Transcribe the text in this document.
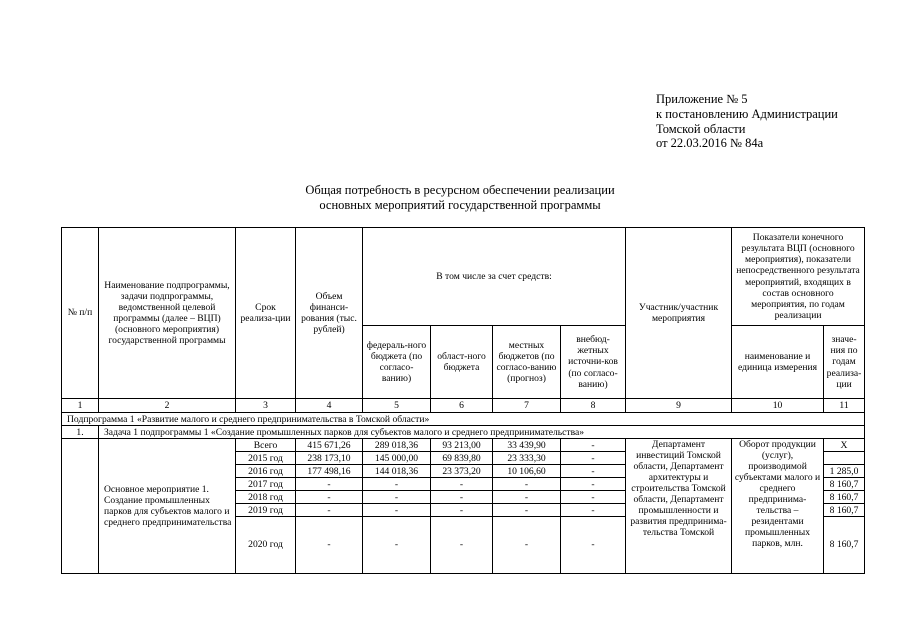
Приложение № 5
к постановлению Администрации
Томской области
от 22.03.2016 № 84а
Общая потребность в ресурсном обеспечении реализации
основных мероприятий государственной программы
№ п/п	Наименование подпрограммы, задачи подпрограммы, ведомственной целевой программы (далее – ВЦП) (основного мероприятия) государственной программы	Срок реализа-ции	Объем финанси-рования (тыс. рублей)	В том числе за счет средств:				Участник/участник мероприятия	Показатели конечного результата ВЦП (основного мероприятия), показатели непосредственного результата мероприятий, входящих в состав основного мероприятия, по годам реализации	
				федераль-ного бюджета (по согласо-ванию)	област-ного бюджета	местных бюджетов (по согласо-ванию (прогноз)	внебюд-жетных источни-ков (по согласо-ванию)		наименование и единица измерения	значе-ния по годам реализа-ции
1	2	3	4	5	6	7	8	9	10	11
Подпрограмма 1 «Развитие малого и среднего предпринимательства в Томской области»										
1.	Задача 1 подпрограммы 1 «Создание промышленных парков для субъектов малого и среднего предпринимательства»									
	Основное мероприятие 1. Создание промышленных парков для субъектов малого и среднего предпринимательства	Всего	415 671,26	289 018,36	93 213,00	33 439,90	-	Департамент инвестиций Томской области, Департамент архитектуры и строительства Томской области, Департамент промышленности и развития предпринима-тельства Томской	Оборот продукции (услуг), производимой субъектами малого и среднего предпринима-тельства – резидентами промышленных парков, млн.	Х
		2015 год	238 173,10	145 000,00	69 839,80	23 333,30	-			
		2016 год	177 498,16	144 018,36	23 373,20	10 106,60	-			1 285,0
		2017 год	-	-	-	-	-			8 160,7
		2018 год	-	-	-	-	-			8 160,7
		2019 год	-	-	-	-	-			8 160,7
		2020 год	-	-	-	-	-			8 160,7
